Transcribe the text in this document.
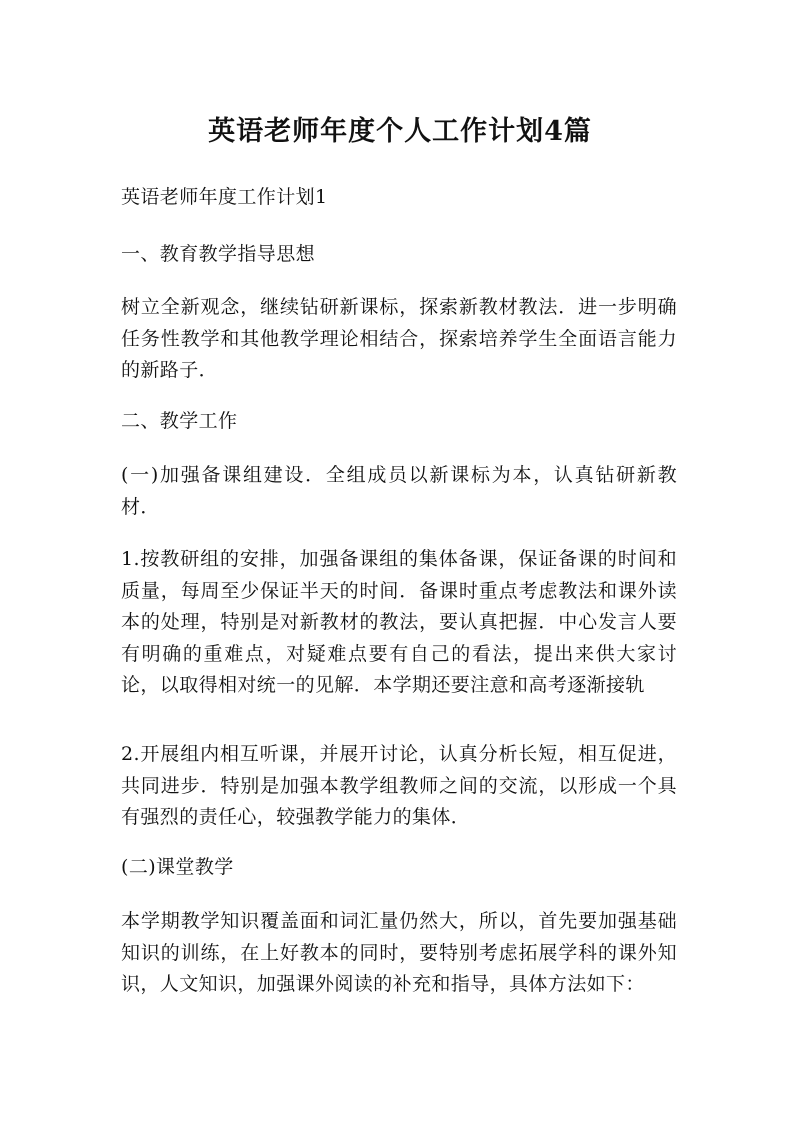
英语老师年度个人工作计划4篇

英语老师年度工作计划1

一、教育教学指导思想

树立全新观念，继续钻研新课标，探索新教材教法．进一步明确任务性教学和其他教学理论相结合，探索培养学生全面语言能力的新路子．

二、教学工作

(一)加强备课组建设．全组成员以新课标为本，认真钻研新教材．

1.按教研组的安排，加强备课组的集体备课，保证备课的时间和质量，每周至少保证半天的时间．备课时重点考虑教法和课外读本的处理，特别是对新教材的教法，要认真把握．中心发言人要有明确的重难点，对疑难点要有自己的看法，提出来供大家讨论，以取得相对统一的见解．本学期还要注意和高考逐渐接轨

2.开展组内相互听课，并展开讨论，认真分析长短，相互促进，共同进步．特别是加强本教学组教师之间的交流，以形成一个具有强烈的责任心，较强教学能力的集体．

(二)课堂教学

本学期教学知识覆盖面和词汇量仍然大，所以，首先要加强基础知识的训练，在上好教本的同时，要特别考虑拓展学科的课外知识，人文知识，加强课外阅读的补充和指导，具体方法如下：
